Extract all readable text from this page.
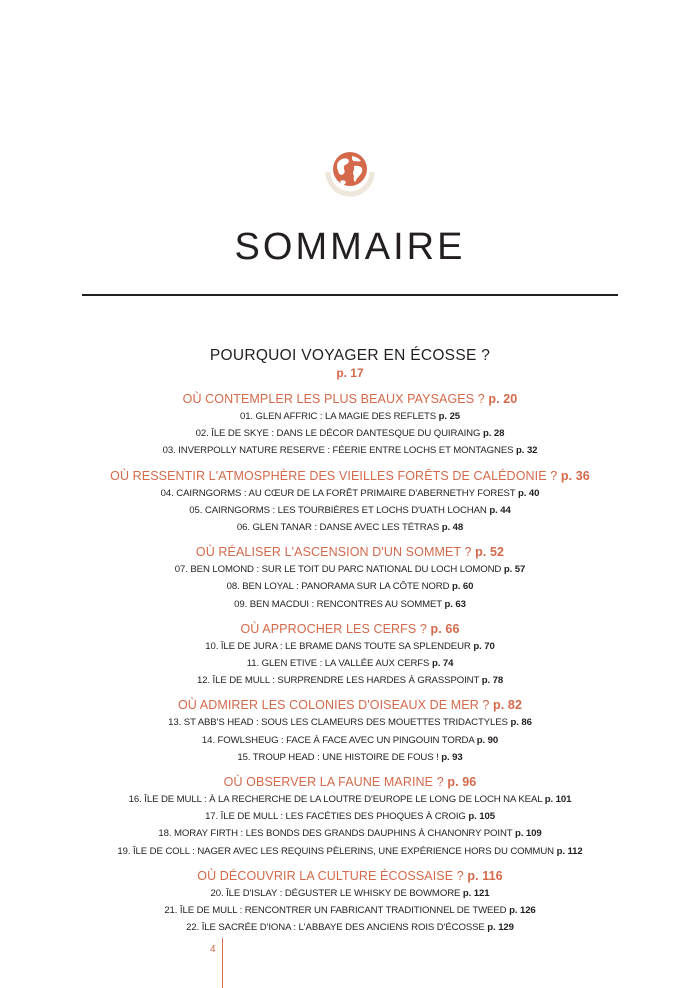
SOMMAIRE
POURQUOI VOYAGER EN ÉCOSSE ?
p. 17
OÙ CONTEMPLER LES PLUS BEAUX PAYSAGES ? p. 20
01. GLEN AFFRIC : LA MAGIE DES REFLETS p. 25
02. ÎLE DE SKYE : DANS LE DÉCOR DANTESQUE DU QUIRAING p. 28
03. INVERPOLLY NATURE RESERVE : FÉERIE ENTRE LOCHS ET MONTAGNES p. 32
OÙ RESSENTIR L'ATMOSPHÈRE DES VIEILLES FORÊTS DE CALÉDONIE ? p. 36
04. CAIRNGORMS : AU CŒUR DE LA FORÊT PRIMAIRE D'ABERNETHY FOREST p. 40
05. CAIRNGORMS : LES TOURBIÈRES ET LOCHS D'UATH LOCHAN p. 44
06. GLEN TANAR : DANSE AVEC LES TÉTRAS p. 48
OÙ RÉALISER L'ASCENSION D'UN SOMMET ? p. 52
07. BEN LOMOND : SUR LE TOIT DU PARC NATIONAL DU LOCH LOMOND p. 57
08. BEN LOYAL : PANORAMA SUR LA CÔTE NORD p. 60
09. BEN MACDUI : RENCONTRES AU SOMMET p. 63
OÙ APPROCHER LES CERFS ? p. 66
10. ÎLE DE JURA : LE BRAME DANS TOUTE SA SPLENDEUR p. 70
11. GLEN ETIVE : LA VALLÉE AUX CERFS p. 74
12. ÎLE DE MULL : SURPRENDRE LES HARDES À GRASSPOINT p. 78
OÙ ADMIRER LES COLONIES D'OISEAUX DE MER ? p. 82
13. ST ABB'S HEAD : SOUS LES CLAMEURS DES MOUETTES TRIDACTYLES p. 86
14. FOWLSHEUG : FACE À FACE AVEC UN PINGOUIN TORDA p. 90
15. TROUP HEAD : UNE HISTOIRE DE FOUS ! p. 93
OÙ OBSERVER LA FAUNE MARINE ? p. 96
16. ÎLE DE MULL : À LA RECHERCHE DE LA LOUTRE D'EUROPE LE LONG DE LOCH NA KEAL p. 101
17. ÎLE DE MULL : LES FACÉTIES DES PHOQUES À CROIG p. 105
18. MORAY FIRTH : LES BONDS DES GRANDS DAUPHINS À CHANONRY POINT p. 109
19. ÎLE DE COLL : NAGER AVEC LES REQUINS PÈLERINS, UNE EXPÉRIENCE HORS DU COMMUN p. 112
OÙ DÉCOUVRIR LA CULTURE ÉCOSSAISE ? p. 116
20. ÎLE D'ISLAY : DÉGUSTER LE WHISKY DE BOWMORE p. 121
21. ÎLE DE MULL : RENCONTRER UN FABRICANT TRADITIONNEL DE TWEED p. 126
22. ÎLE SACRÉE D'IONA : L'ABBAYE DES ANCIENS ROIS D'ÉCOSSE p. 129
4
